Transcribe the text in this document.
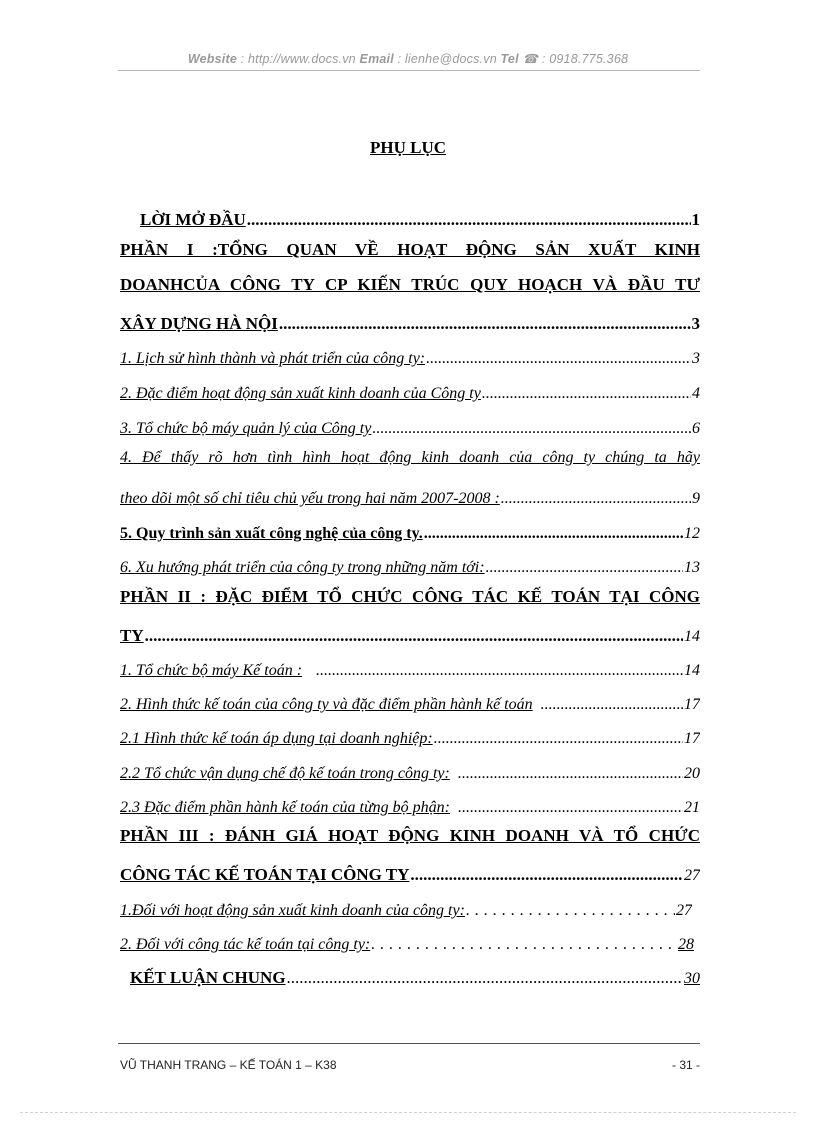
Website : http://www.docs.vn Email : lienhe@docs.vn Tel ☎ : 0918.775.368
PHỤ LỤC
LỜI MỞ ĐẦU .....	1
PHẦN I :TỔNG QUAN VỀ HOẠT ĐỘNG SẢN XUẤT KINH
DOANHCỦA CÔNG TY CP KIẾN TRÚC QUY HOẠCH VÀ ĐẦU TƯ
XÂY DỰNG HÀ NỘI .....	3
1. Lịch sử hình thành và phát triển của công ty: .....	3
2. Đặc điểm hoạt động sản xuất kinh doanh của Công ty .....	4
3. Tổ chức bộ máy quản lý của Công ty .....	6
4. Để thấy rõ hơn tình hình hoạt động kinh doanh của công ty chúng ta hãy
theo dõi một số chỉ tiêu chủ yếu trong hai năm 2007-2008 : .....	9
5. Quy trình sản xuất công nghệ của công ty. .....	12
6. Xu hướng phát triển của công ty trong những năm tới: .....	13
PHẦN II : ĐẶC ĐIỂM TỔ CHỨC CÔNG TÁC KẾ TOÁN TẠI CÔNG
TY .....	14
1. Tổ chức bộ máy Kế toán : .....	14
2. Hình thức kế toán của công ty và đặc điểm phần hành kế toán .....	17
2.1 Hình thức kế toán áp dụng tại doanh nghiệp: .....	17
2.2 Tổ chức vận dụng chế độ kế toán trong công ty: .....	20
2.3 Đặc điểm phần hành kế toán của từng bộ phận: .....	21
PHẦN III : ĐÁNH GIÁ HOẠT ĐỘNG KINH DOANH VÀ TỔ CHỨC
CÔNG TÁC KẾ TOÁN TẠI CÔNG TY .....	27
1.Đối với hoạt động sản xuất kinh doanh của công ty: .....	27
2. Đối với công tác kế toán tại công ty: .....	28
KẾT LUẬN CHUNG .....	30
VŨ THANH TRANG – KẾ TOÁN 1 – K38	- 31 -
